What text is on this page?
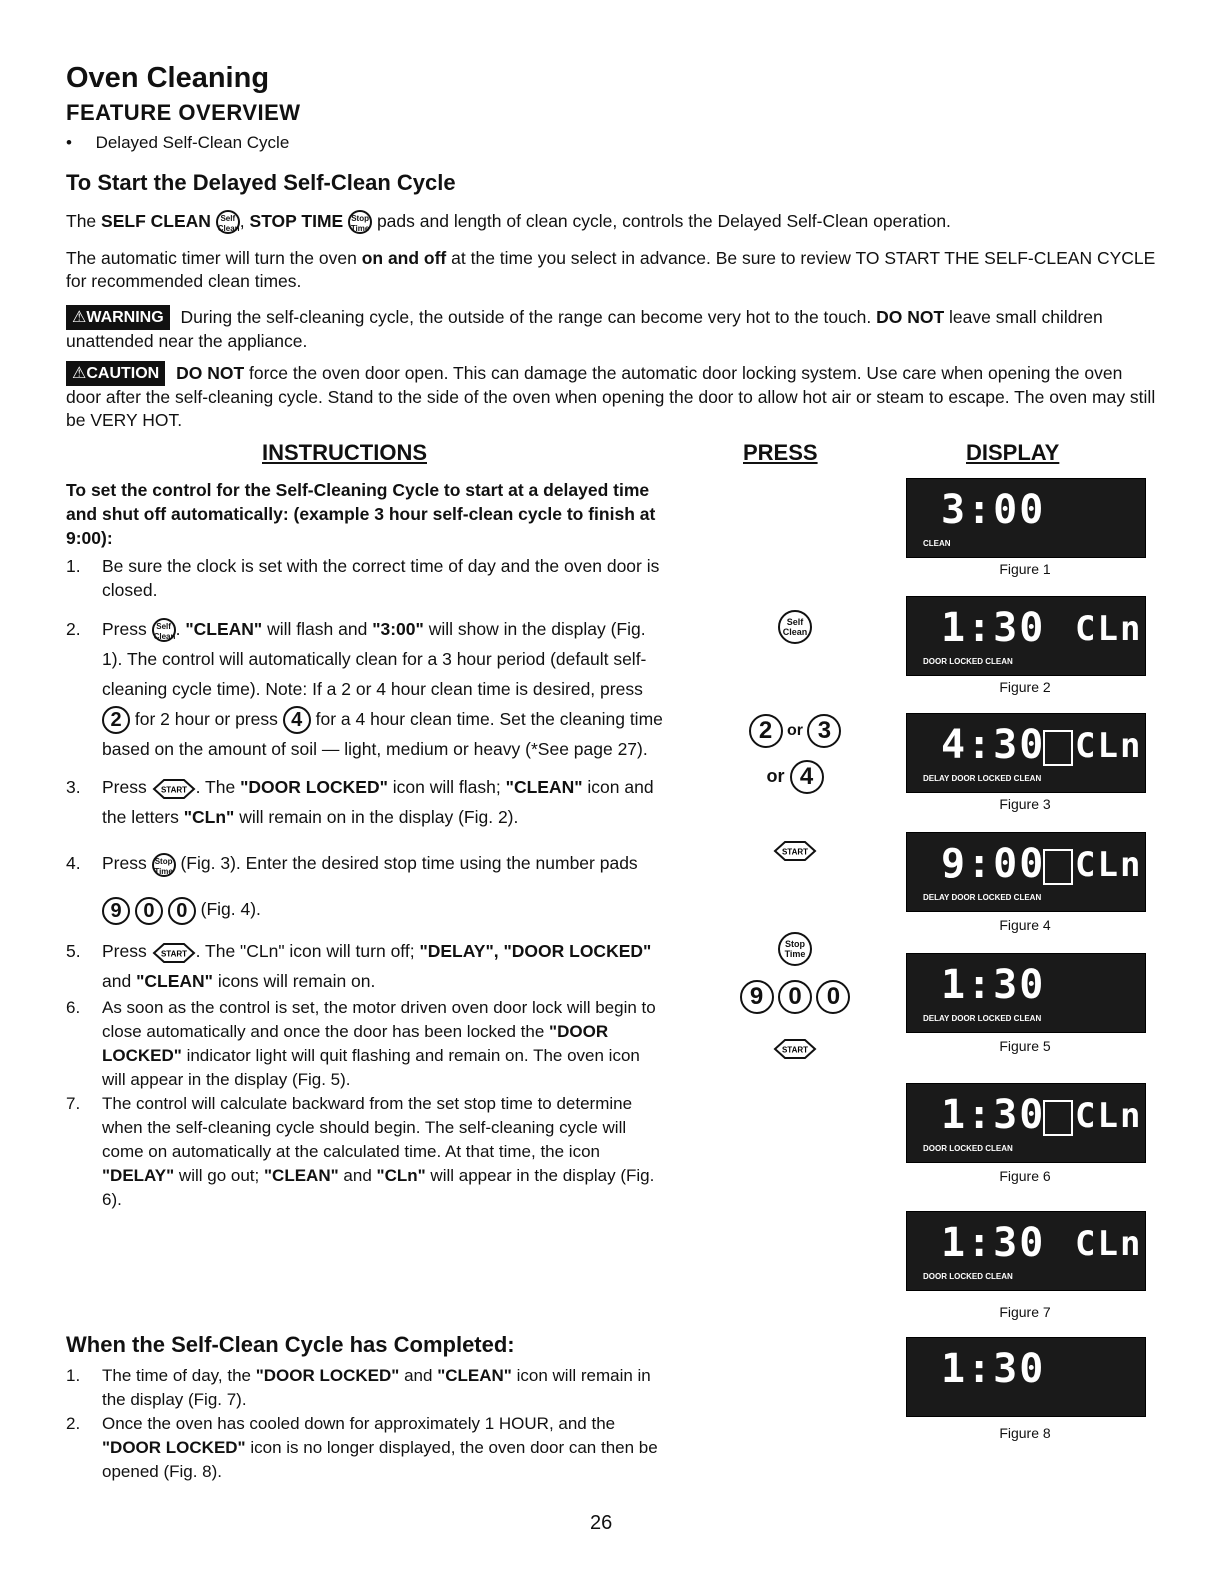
Oven Cleaning
FEATURE OVERVIEW
•     Delayed Self-Clean Cycle
To Start the Delayed Self-Clean Cycle
The SELF CLEAN Self
Clean, STOP TIME Stop
Time pads and length of clean cycle, controls the Delayed Self-Clean operation.
The automatic timer will turn the oven on and off at the time you select in advance. Be sure to review TO START THE SELF-CLEAN CYCLE for recommended clean times.
⚠WARNING During the self-cleaning cycle, the outside of the range can become very hot to the touch. DO NOT leave small children unattended near the appliance.
⚠CAUTION DO NOT force the oven door open. This can damage the automatic door locking system. Use care when opening the oven door after the self-cleaning cycle. Stand to the side of the oven when opening the door to allow hot air or steam to escape. The oven may still be VERY HOT.
INSTRUCTIONS	PRESS	DISPLAY
To set the control for the Self-Cleaning Cycle to start at a delayed time and shut off automatically: (example 3 hour self-clean cycle to finish at 9:00):
1. Be sure the clock is set with the correct time of day and the oven door is closed.
2. Press Self
Clean. "CLEAN" will flash and "3:00" will show in the display (Fig. 1). The control will automatically clean for a 3 hour period (default self-cleaning cycle time). Note: If a 2 or 4 hour clean time is desired, press 2 for 2 hour or press 4 for a 4 hour clean time. Set the cleaning time based on the amount of soil — light, medium or heavy (*See page 27).
3. Press START . The "DOOR LOCKED" icon will flash; "CLEAN" icon and the letters "CLn" will remain on in the display (Fig. 2).
4. Press Stop
Time (Fig. 3). Enter the desired stop time using the number pads 9 0 0 (Fig. 4).
5. Press START . The "CLn" icon will turn off; "DELAY", "DOOR LOCKED" and "CLEAN" icons will remain on.
6. As soon as the control is set, the motor driven oven door lock will begin to close automatically and once the door has been locked the "DOOR LOCKED" indicator light will quit flashing and remain on. The oven icon will appear in the display (Fig. 5).
7. The control will calculate backward from the set stop time to determine when the self-cleaning cycle should begin. The self-cleaning cycle will come on automatically at the calculated time. At that time, the icon "DELAY" will go out; "CLEAN" and "CLn" will appear in the display (Fig. 6).
When the Self-Clean Cycle has Completed:
1. The time of day, the "DOOR LOCKED" and "CLEAN" icon will remain in the display (Fig. 7).
2. Once the oven has cooled down for approximately 1 HOUR, and the "DOOR LOCKED" icon is no longer displayed, the oven door can then be opened (Fig. 8).
Self
Clean
2 or 3
or 4
START
Stop
Time
9 0 0
START
3:00
CLEAN
Figure 1
1:30 CLn
DOOR LOCKED CLEAN
Figure 2
4:30 CLn
DELAY DOOR LOCKED CLEAN
Figure 3
9:00 CLn
DELAY DOOR LOCKED CLEAN
Figure 4
1:30
DELAY DOOR LOCKED CLEAN
Figure 5
1:30 CLn
DOOR LOCKED CLEAN
Figure 6
1:30 CLn
DOOR LOCKED CLEAN
Figure 7
1:30
Figure 8
26
